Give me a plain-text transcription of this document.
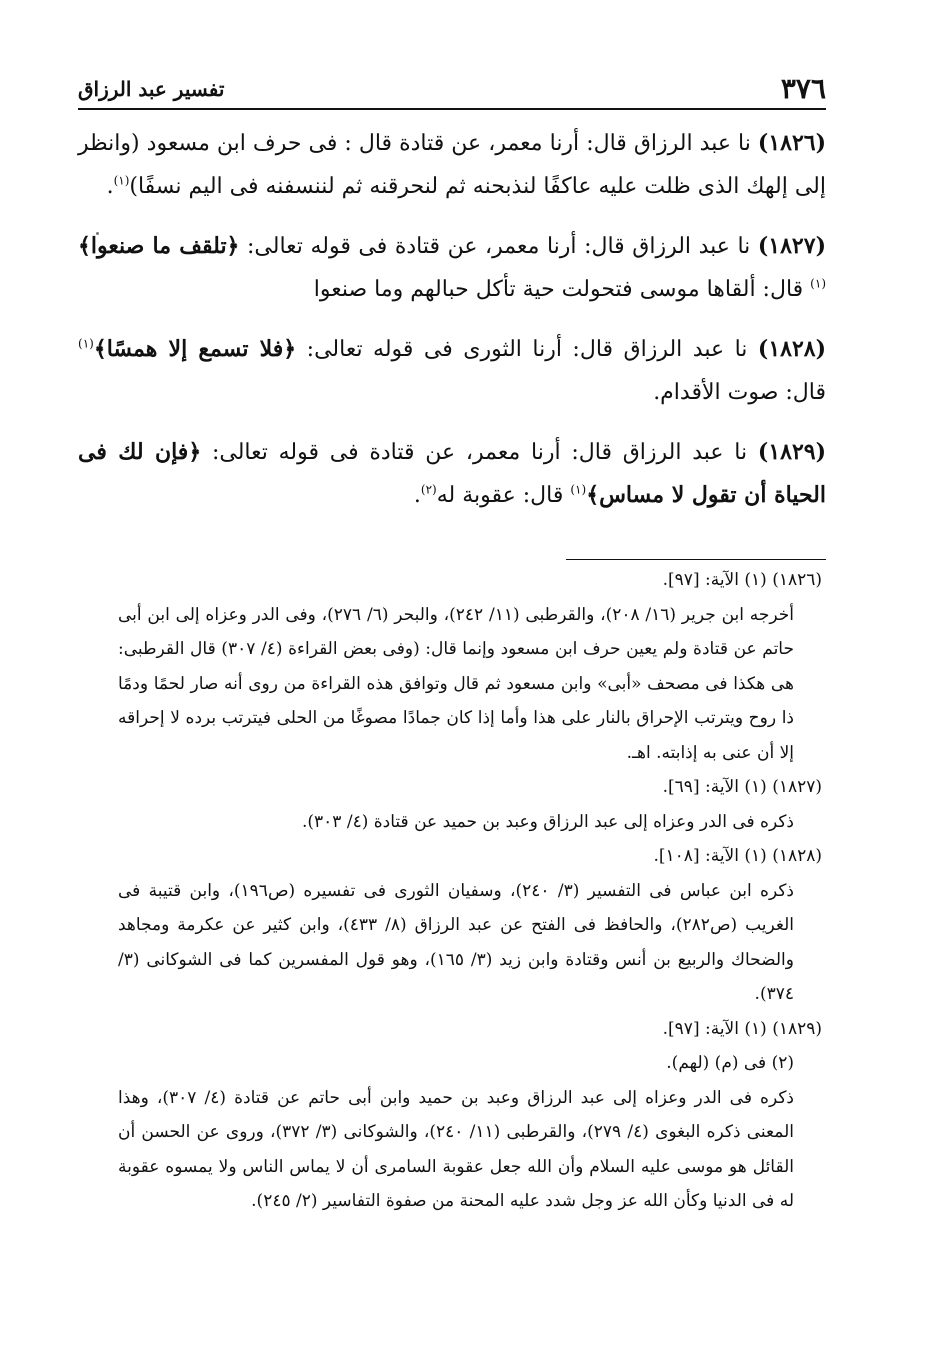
٣٧٦
تفسير عبد الرزاق

(١٨٢٦) نا عبد الرزاق قال: أرنا معمر، عن قتادة قال : فى حرف ابن مسعود (وانظر إلى إلهك الذى ظلت عليه عاكفًا لنذبحنه ثم لنحرقنه ثم لننسفنه فى اليم نسفًا)$^{(١)}$.

(١٨٢٧) نا عبد الرزاق قال: أرنا معمر، عن قتادة فى قوله تعالى: ﴿تلقف ما صنعوا﴾$^{(١)}$ قال: ألقاها موسى فتحولت حية تأكل حبالهم وما صنعوا

(١٨٢٨) نا عبد الرزاق قال: أرنا الثورى فى قوله تعالى: ﴿فلا تسمع إلا همسًا﴾$^{(١)}$ قال: صوت الأقدام.

(١٨٢٩) نا عبد الرزاق قال: أرنا معمر، عن قتادة فى قوله تعالى: ﴿فإن لك فى الحياة أن تقول لا مساس﴾$^{(١)}$ قال: عقوبة له$^{(٢)}$.

(١٨٢٦) (١) الآية: [٩٧].

أخرجه ابن جرير (١٦/ ٢٠٨)، والقرطبى (١١/ ٢٤٢)، والبحر (٦/ ٢٧٦)، وفى الدر وعزاه إلى ابن أبى حاتم عن قتادة ولم يعين حرف ابن مسعود وإنما قال: (وفى بعض القراءة (٤/ ٣٠٧) قال القرطبى: هى هكذا فى مصحف «أبى» وابن مسعود ثم قال وتوافق هذه القراءة من روى أنه صار لحمًا ودمًا ذا روح ويترتب الإحراق بالنار على هذا وأما إذا كان جمادًا مصوغًا من الحلى فيترتب برده لا إحراقه إلا أن عنى به إذابته. اهـ.

(١٨٢٧) (١) الآية: [٦٩].

ذكره فى الدر وعزاه إلى عبد الرزاق وعبد بن حميد عن قتادة (٤/ ٣٠٣).

(١٨٢٨) (١) الآية: [١٠٨].

ذكره ابن عباس فى التفسير (٣/ ٢٤٠)، وسفيان الثورى فى تفسيره (ص١٩٦)، وابن قتيبة فى الغريب (ص٢٨٢)، والحافظ فى الفتح عن عبد الرزاق (٨/ ٤٣٣)، وابن كثير عن عكرمة ومجاهد والضحاك والربيع بن أنس وقتادة وابن زيد (٣/ ١٦٥)، وهو قول المفسرين كما فى الشوكانى (٣/ ٣٧٤).

(١٨٢٩) (١) الآية: [٩٧].

(٢) فى (م) (لهم).

ذكره فى الدر وعزاه إلى عبد الرزاق وعبد بن حميد وابن أبى حاتم عن قتادة (٤/ ٣٠٧)، وهذا المعنى ذكره البغوى (٤/ ٢٧٩)، والقرطبى (١١/ ٢٤٠)، والشوكانى (٣/ ٣٧٢)، وروى عن الحسن أن القائل هو موسى عليه السلام وأن الله جعل عقوبة السامرى أن لا يماس الناس ولا يمسوه عقوبة له فى الدنيا وكأن الله عز وجل شدد عليه المحنة من صفوة التفاسير (٢/ ٢٤٥).
